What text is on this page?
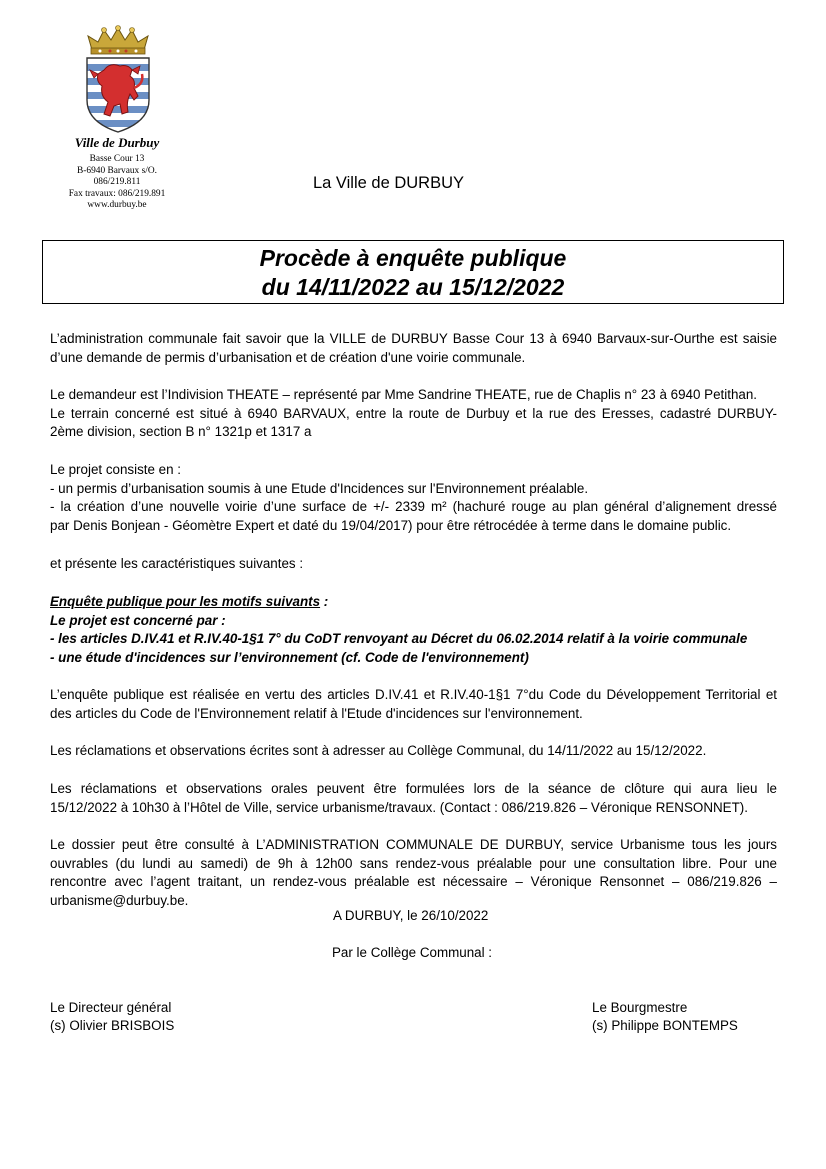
Ville de Durbuy
Basse Cour 13
B-6940 Barvaux s/O.
086/219.811
Fax travaux: 086/219.891
www.durbuy.be
La Ville de DURBUY
Procède à enquête publique
du 14/11/2022 au 15/12/2022

L’administration communale fait savoir que la VILLE de DURBUY Basse Cour 13 à 6940 Barvaux-sur-Ourthe est saisie

d’une demande de permis d’urbanisation et de création d'une voirie communale.

Le demandeur est l’Indivision THEATE – représenté par Mme Sandrine THEATE, rue de Chaplis n° 23 à 6940 Petithan.

Le terrain concerné est situé à 6940 BARVAUX, entre la route de Durbuy et la rue des Eresses, cadastré DURBUY-

2ème division, section B n° 1321p et 1317 a

Le projet consiste en :

- un permis d’urbanisation soumis à une Etude d'Incidences sur l'Environnement préalable.

- la création d’une nouvelle voirie d’une surface de +/- 2339 m² (hachuré rouge au plan général d’alignement dressé

par Denis Bonjean - Géomètre Expert et daté du 19/04/2017) pour être rétrocédée à terme dans le domaine public.

et présente les caractéristiques suivantes :

Enquête publique pour les motifs suivants :

Le projet est concerné par :

- les articles D.IV.41 et R.IV.40-1§1 7° du CoDT renvoyant au Décret du 06.02.2014 relatif à la voirie communale

- une étude d'incidences sur l’environnement (cf. Code de l'environnement)

L’enquête publique est réalisée en vertu des articles D.IV.41 et R.IV.40-1§1 7°du Code du Développement Territorial et

des articles du Code de l'Environnement relatif à l'Etude d'incidences sur l'environnement.

Les réclamations et observations écrites sont à adresser au Collège Communal, du 14/11/2022 au 15/12/2022.

Les réclamations et observations orales peuvent être formulées lors de la séance de clôture qui aura lieu le

15/12/2022 à 10h30 à l’Hôtel de Ville, service urbanisme/travaux. (Contact : 086/219.826 – Véronique RENSONNET).

Le dossier peut être consulté à L’ADMINISTRATION COMMUNALE DE DURBUY, service Urbanisme tous les jours

ouvrables (du lundi au samedi) de 9h à 12h00 sans rendez-vous préalable pour une consultation libre. Pour une

rencontre avec l’agent traitant, un rendez-vous préalable est nécessaire – Véronique Rensonnet – 086/219.826 –

urbanisme@durbuy.be.

A DURBUY, le 26/10/2022
Par le Collège Communal :
Le Directeur général
(s) Olivier BRISBOIS
Le Bourgmestre
(s) Philippe BONTEMPS
